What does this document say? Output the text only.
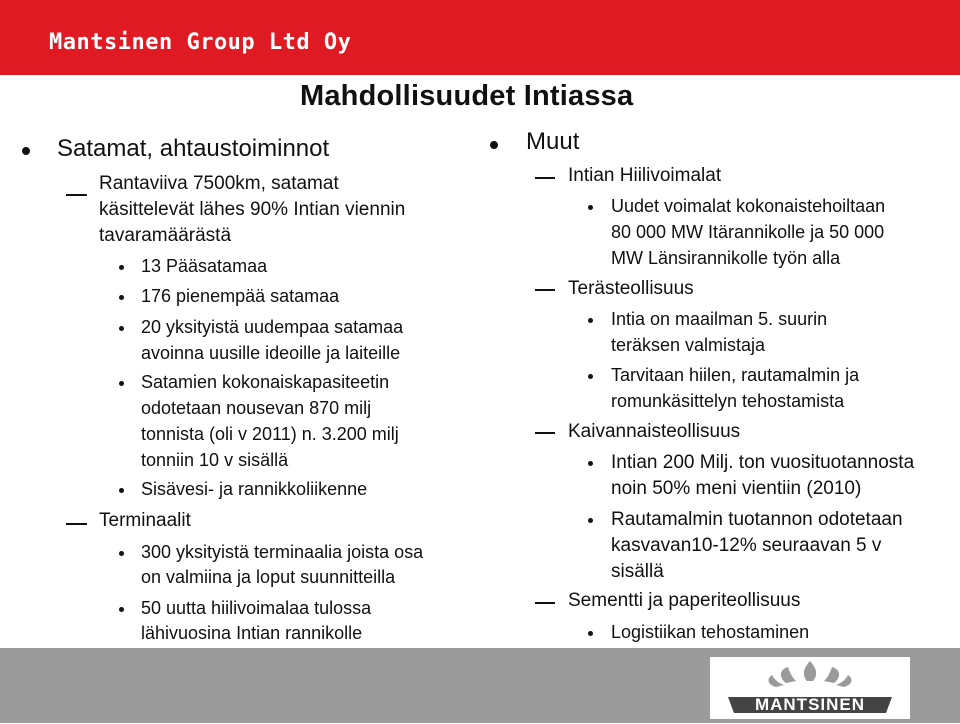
Mantsinen Group Ltd Oy
Mahdollisuudet Intiassa
Satamat, ahtaustoiminnot
Rantaviiva 7500km, satamat
käsittelevät lähes 90% Intian viennin
tavaramäärästä
13 Pääsatamaa
176 pienempää satamaa
20 yksityistä uudempaa satamaa
avoinna uusille ideoille ja laiteille
Satamien kokonaiskapasiteetin
odotetaan nousevan 870 milj
tonnista (oli v 2011) n. 3.200 milj
tonniin 10 v sisällä
Sisävesi- ja rannikkoliikenne
Terminaalit
300 yksityistä terminaalia joista osa
on valmiina ja loput suunnitteilla
50 uutta hiilivoimalaa tulossa
lähivuosina Intian rannikolle
Muut
Intian Hiilivoimalat
Uudet voimalat kokonaistehoiltaan
80 000 MW Itärannikolle ja 50 000
MW Länsirannikolle työn alla
Terästeollisuus
Intia on maailman 5. suurin
teräksen valmistaja
Tarvitaan hiilen, rautamalmin ja
romunkäsittelyn tehostamista
Kaivannaisteollisuus
Intian 200 Milj. ton vuosituotannosta
noin 50% meni vientiin (2010)
Rautamalmin tuotannon odotetaan
kasvavan10-12% seuraavan 5 v
sisällä
Sementti ja paperiteollisuus
Logistiikan tehostaminen
MANTSINEN
